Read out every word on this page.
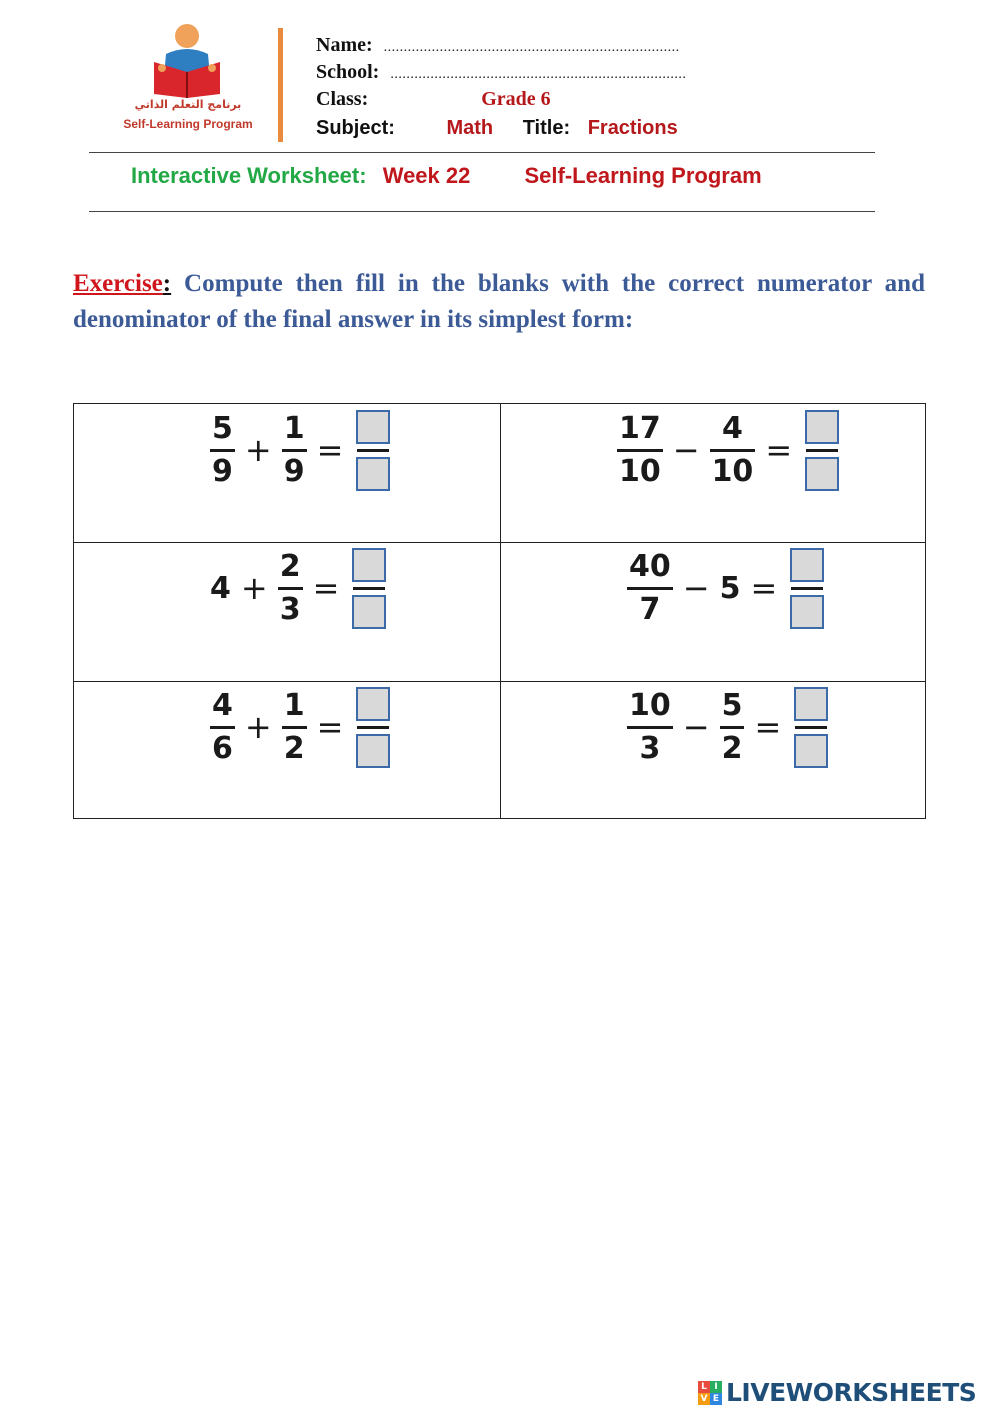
برنامج التعلم الذاتي
Self-Learning Program
Name: ..........................................................................
School: ..........................................................................
Class:	Grade 6
Subject:	Math Title: Fractions
Interactive Worksheet: Week 22 Self-Learning Program
Exercise: Compute then fill in the blanks with the correct numerator and denominator of the final answer in its simplest form:
$\frac{5}{9} + \frac{1}{9}$ =	$\frac{17}{10} - \frac{4}{10}$ =
$4 + \frac{2}{3}$ =	$\frac{40}{7} - 5$ =
$\frac{4}{6} + \frac{1}{2}$ =	$\frac{10}{3} - \frac{5}{2}$ =
L I
V E LIVEWORKSHEETS
